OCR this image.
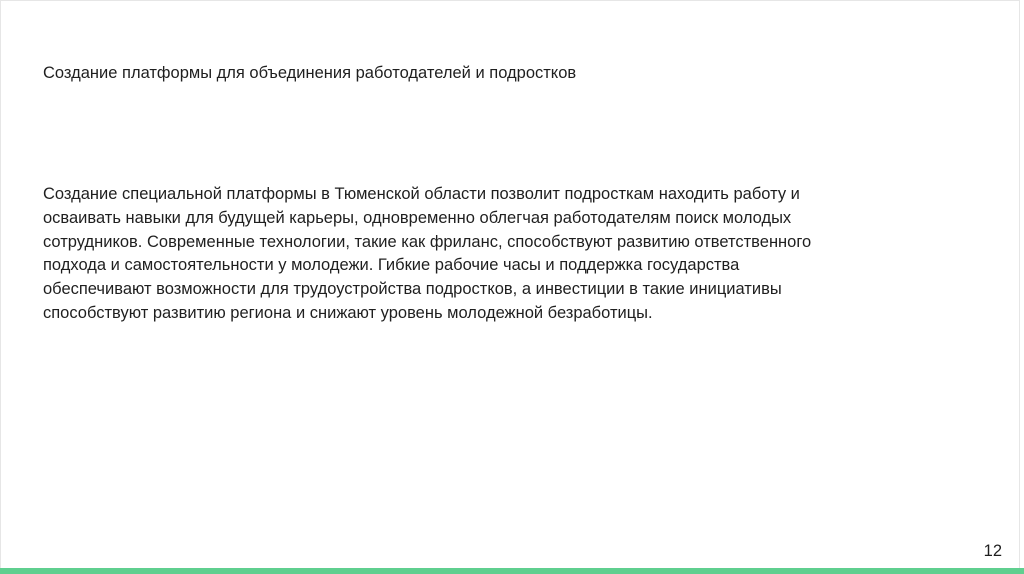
Создание платформы для объединения работодателей и подростков

Создание специальной платформы в Тюменской области позволит подросткам находить работу и
осваивать навыки для будущей карьеры, одновременно облегчая работодателям поиск молодых
сотрудников. Современные технологии, такие как фриланс, способствуют развитию ответственного
подхода и самостоятельности у молодежи. Гибкие рабочие часы и поддержка государства
обеспечивают возможности для трудоустройства подростков, а инвестиции в такие инициативы
способствуют развитию региона и снижают уровень молодежной безработицы.

12
